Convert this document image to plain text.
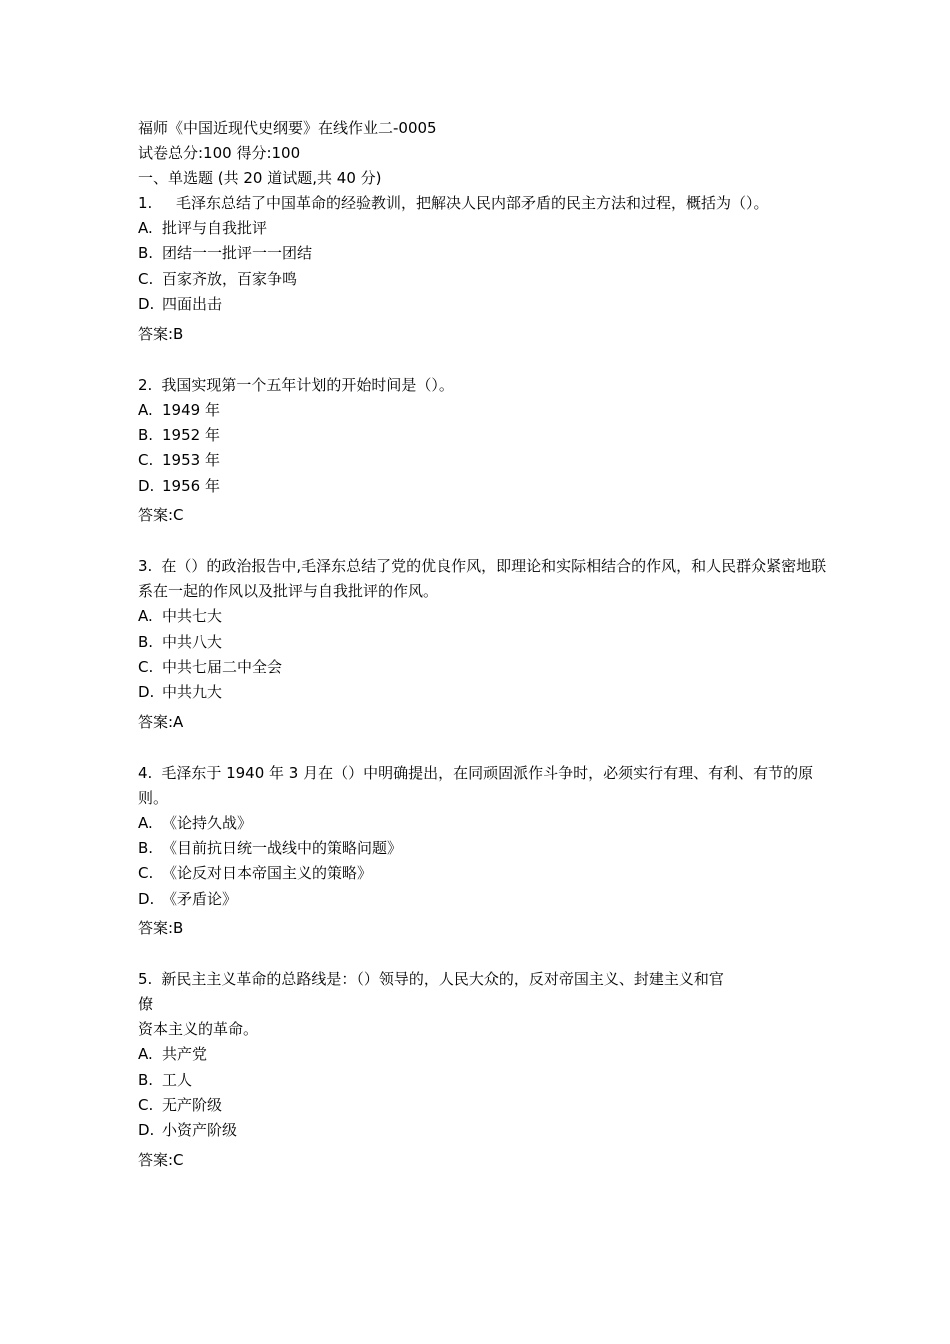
福师《中国近现代史纲要》在线作业二-0005
试卷总分:100 得分:100
一、单选题 (共 20 道试题,共 40 分)
1. 毛泽东总结了中国革命的经验教训，把解决人民内部矛盾的民主方法和过程，概括为（）。
A. 批评与自我批评
B. 团结一一批评一一团结
C. 百家齐放，百家争鸣
D. 四面出击
答案:B
2. 我国实现第一个五年计划的开始时间是（）。
A. 1949 年
B. 1952 年
C. 1953 年
D. 1956 年
答案:C
3. 在（）的政治报告中,毛泽东总结了党的优良作风，即理论和实际相结合的作风，和人民群众紧密地联系在一起的作风以及批评与自我批评的作风。
A. 中共七大
B. 中共八大
C. 中共七届二中全会
D. 中共九大
答案:A
4. 毛泽东于 1940 年 3 月在（）中明确提出，在同顽固派作斗争时，必须实行有理、有利、有节的原则。
A. 《论持久战》
B. 《目前抗日统一战线中的策略问题》
C. 《论反对日本帝国主义的策略》
D. 《矛盾论》
答案:B
5. 新民主主义革命的总路线是：（）领导的，人民大众的，反对帝国主义、封建主义和官
僚
资本主义的革命。
A. 共产党
B. 工人
C. 无产阶级
D. 小资产阶级
答案:C
